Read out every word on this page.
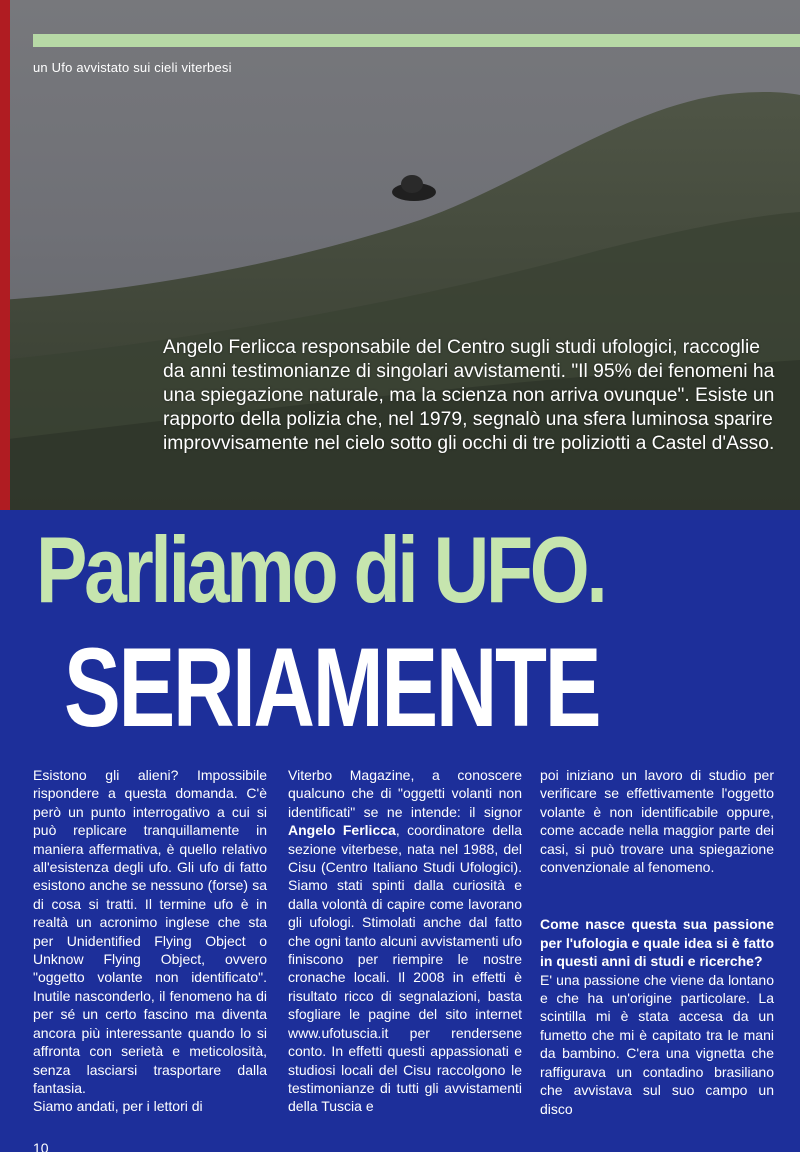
un Ufo avvistato sui cieli viterbesi

Angelo Ferlicca responsabile del Centro sugli studi ufologici, raccoglie da anni testimonianze di singolari avvistamenti. "Il 95% dei fenomeni ha una spiegazione naturale, ma la scienza non arriva ovunque". Esiste un rapporto della polizia che, nel 1979, segnalò una sfera luminosa sparire improvvisamente nel cielo sotto gli occhi di tre poliziotti a Castel d'Asso.

Parliamo di UFO.
SERIAMENTE

Esistono gli alieni? Impossibile rispondere a questa domanda. C'è però un punto interrogativo a cui si può replicare tranquillamente in maniera affermativa, è quello relativo all'esistenza degli ufo. Gli ufo di fatto esistono anche se nessuno (forse) sa di cosa si tratti. Il termine ufo è in realtà un acronimo inglese che sta per Unidentified Flying Object o Unknow Flying Object, ovvero "oggetto volante non identificato". Inutile nasconderlo, il fenomeno ha di per sé un certo fascino ma diventa ancora più interessante quando lo si affronta con serietà e meticolosità, senza lasciarsi trasportare dalla fantasia.

Siamo andati, per i lettori di

Viterbo Magazine, a conoscere qualcuno che di "oggetti volanti non identificati" se ne intende: il signor Angelo Ferlicca, coordinatore della sezione viterbese, nata nel 1988, del Cisu (Centro Italiano Studi Ufologici). Siamo stati spinti dalla curiosità e dalla volontà di capire come lavorano gli ufologi. Stimolati anche dal fatto che ogni tanto alcuni avvistamenti ufo finiscono per riempire le nostre cronache locali. Il 2008 in effetti è risultato ricco di segnalazioni, basta sfogliare le pagine del sito internet www.ufotuscia.it per rendersene conto. In effetti questi appassionati e studiosi locali del Cisu raccolgono le testimonianze di tutti gli avvistamenti della Tuscia e

poi iniziano un lavoro di studio per verificare se effettivamente l'oggetto volante è non identificabile oppure, come accade nella maggior parte dei casi, si può trovare una spiegazione convenzionale al fenomeno.

Come nasce questa sua passione per l'ufologia e quale idea si è fatto in questi anni di studi e ricerche?

E' una passione che viene da lontano e che ha un'origine particolare. La scintilla mi è stata accesa da un fumetto che mi è capitato tra le mani da bambino. C'era una vignetta che raffigurava un contadino brasiliano che avvistava sul suo campo un disco

10
